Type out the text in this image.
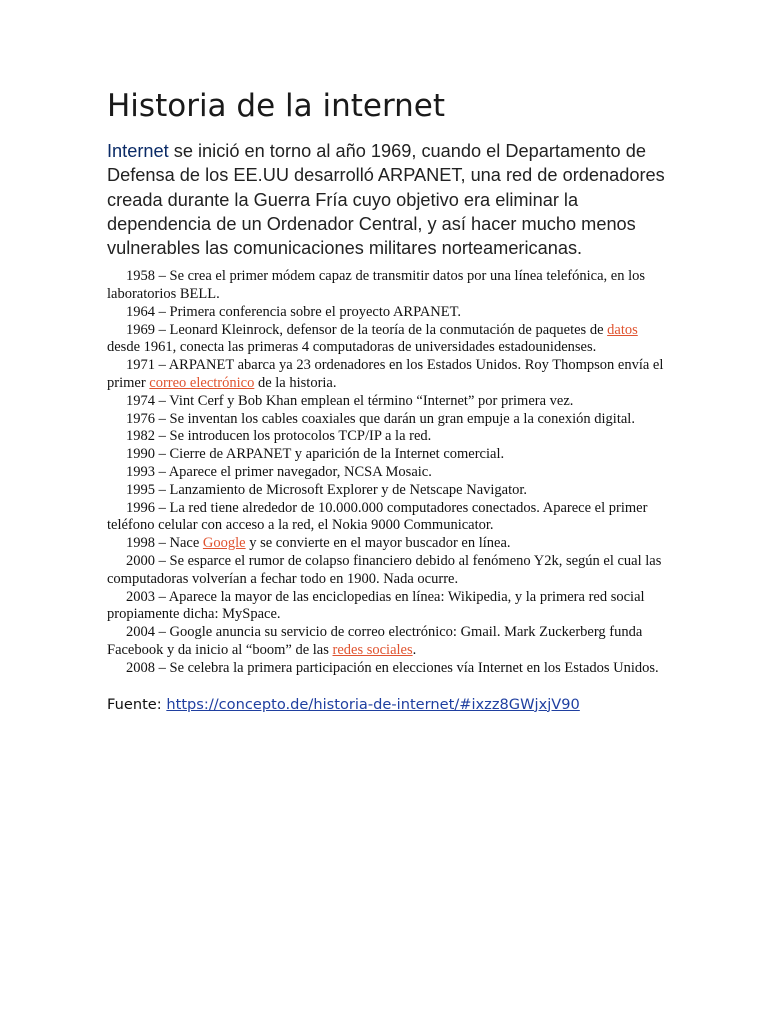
Historia de la internet

Internet se inició en torno al año 1969, cuando el Departamento de Defensa de los EE.UU desarrolló ARPANET, una red de ordenadores creada durante la Guerra Fría cuyo objetivo era eliminar la dependencia de un Ordenador Central, y así hacer mucho menos vulnerables las comunicaciones militares norteamericanas.

1958 – Se crea el primer módem capaz de transmitir datos por una línea telefónica, en los laboratorios BELL.

1964 – Primera conferencia sobre el proyecto ARPANET.

1969 – Leonard Kleinrock, defensor de la teoría de la conmutación de paquetes de datos desde 1961, conecta las primeras 4 computadoras de universidades estadounidenses.

1971 – ARPANET abarca ya 23 ordenadores en los Estados Unidos. Roy Thompson envía el primer correo electrónico de la historia.

1974 – Vint Cerf y Bob Khan emplean el término “Internet” por primera vez.

1976 – Se inventan los cables coaxiales que darán un gran empuje a la conexión digital.

1982 – Se introducen los protocolos TCP/IP a la red.

1990 – Cierre de ARPANET y aparición de la Internet comercial.

1993 – Aparece el primer navegador, NCSA Mosaic.

1995 – Lanzamiento de Microsoft Explorer y de Netscape Navigator.

1996 – La red tiene alrededor de 10.000.000 computadores conectados. Aparece el primer teléfono celular con acceso a la red, el Nokia 9000 Communicator.

1998 – Nace Google y se convierte en el mayor buscador en línea.

2000 – Se esparce el rumor de colapso financiero debido al fenómeno Y2k, según el cual las computadoras volverían a fechar todo en 1900. Nada ocurre.

2003 – Aparece la mayor de las enciclopedias en línea: Wikipedia, y la primera red social propiamente dicha: MySpace.

2004 – Google anuncia su servicio de correo electrónico: Gmail. Mark Zuckerberg funda Facebook y da inicio al “boom” de las redes sociales.

2008 – Se celebra la primera participación en elecciones vía Internet en los Estados Unidos.

Fuente: https://concepto.de/historia-de-internet/#ixzz8GWjxjV90
